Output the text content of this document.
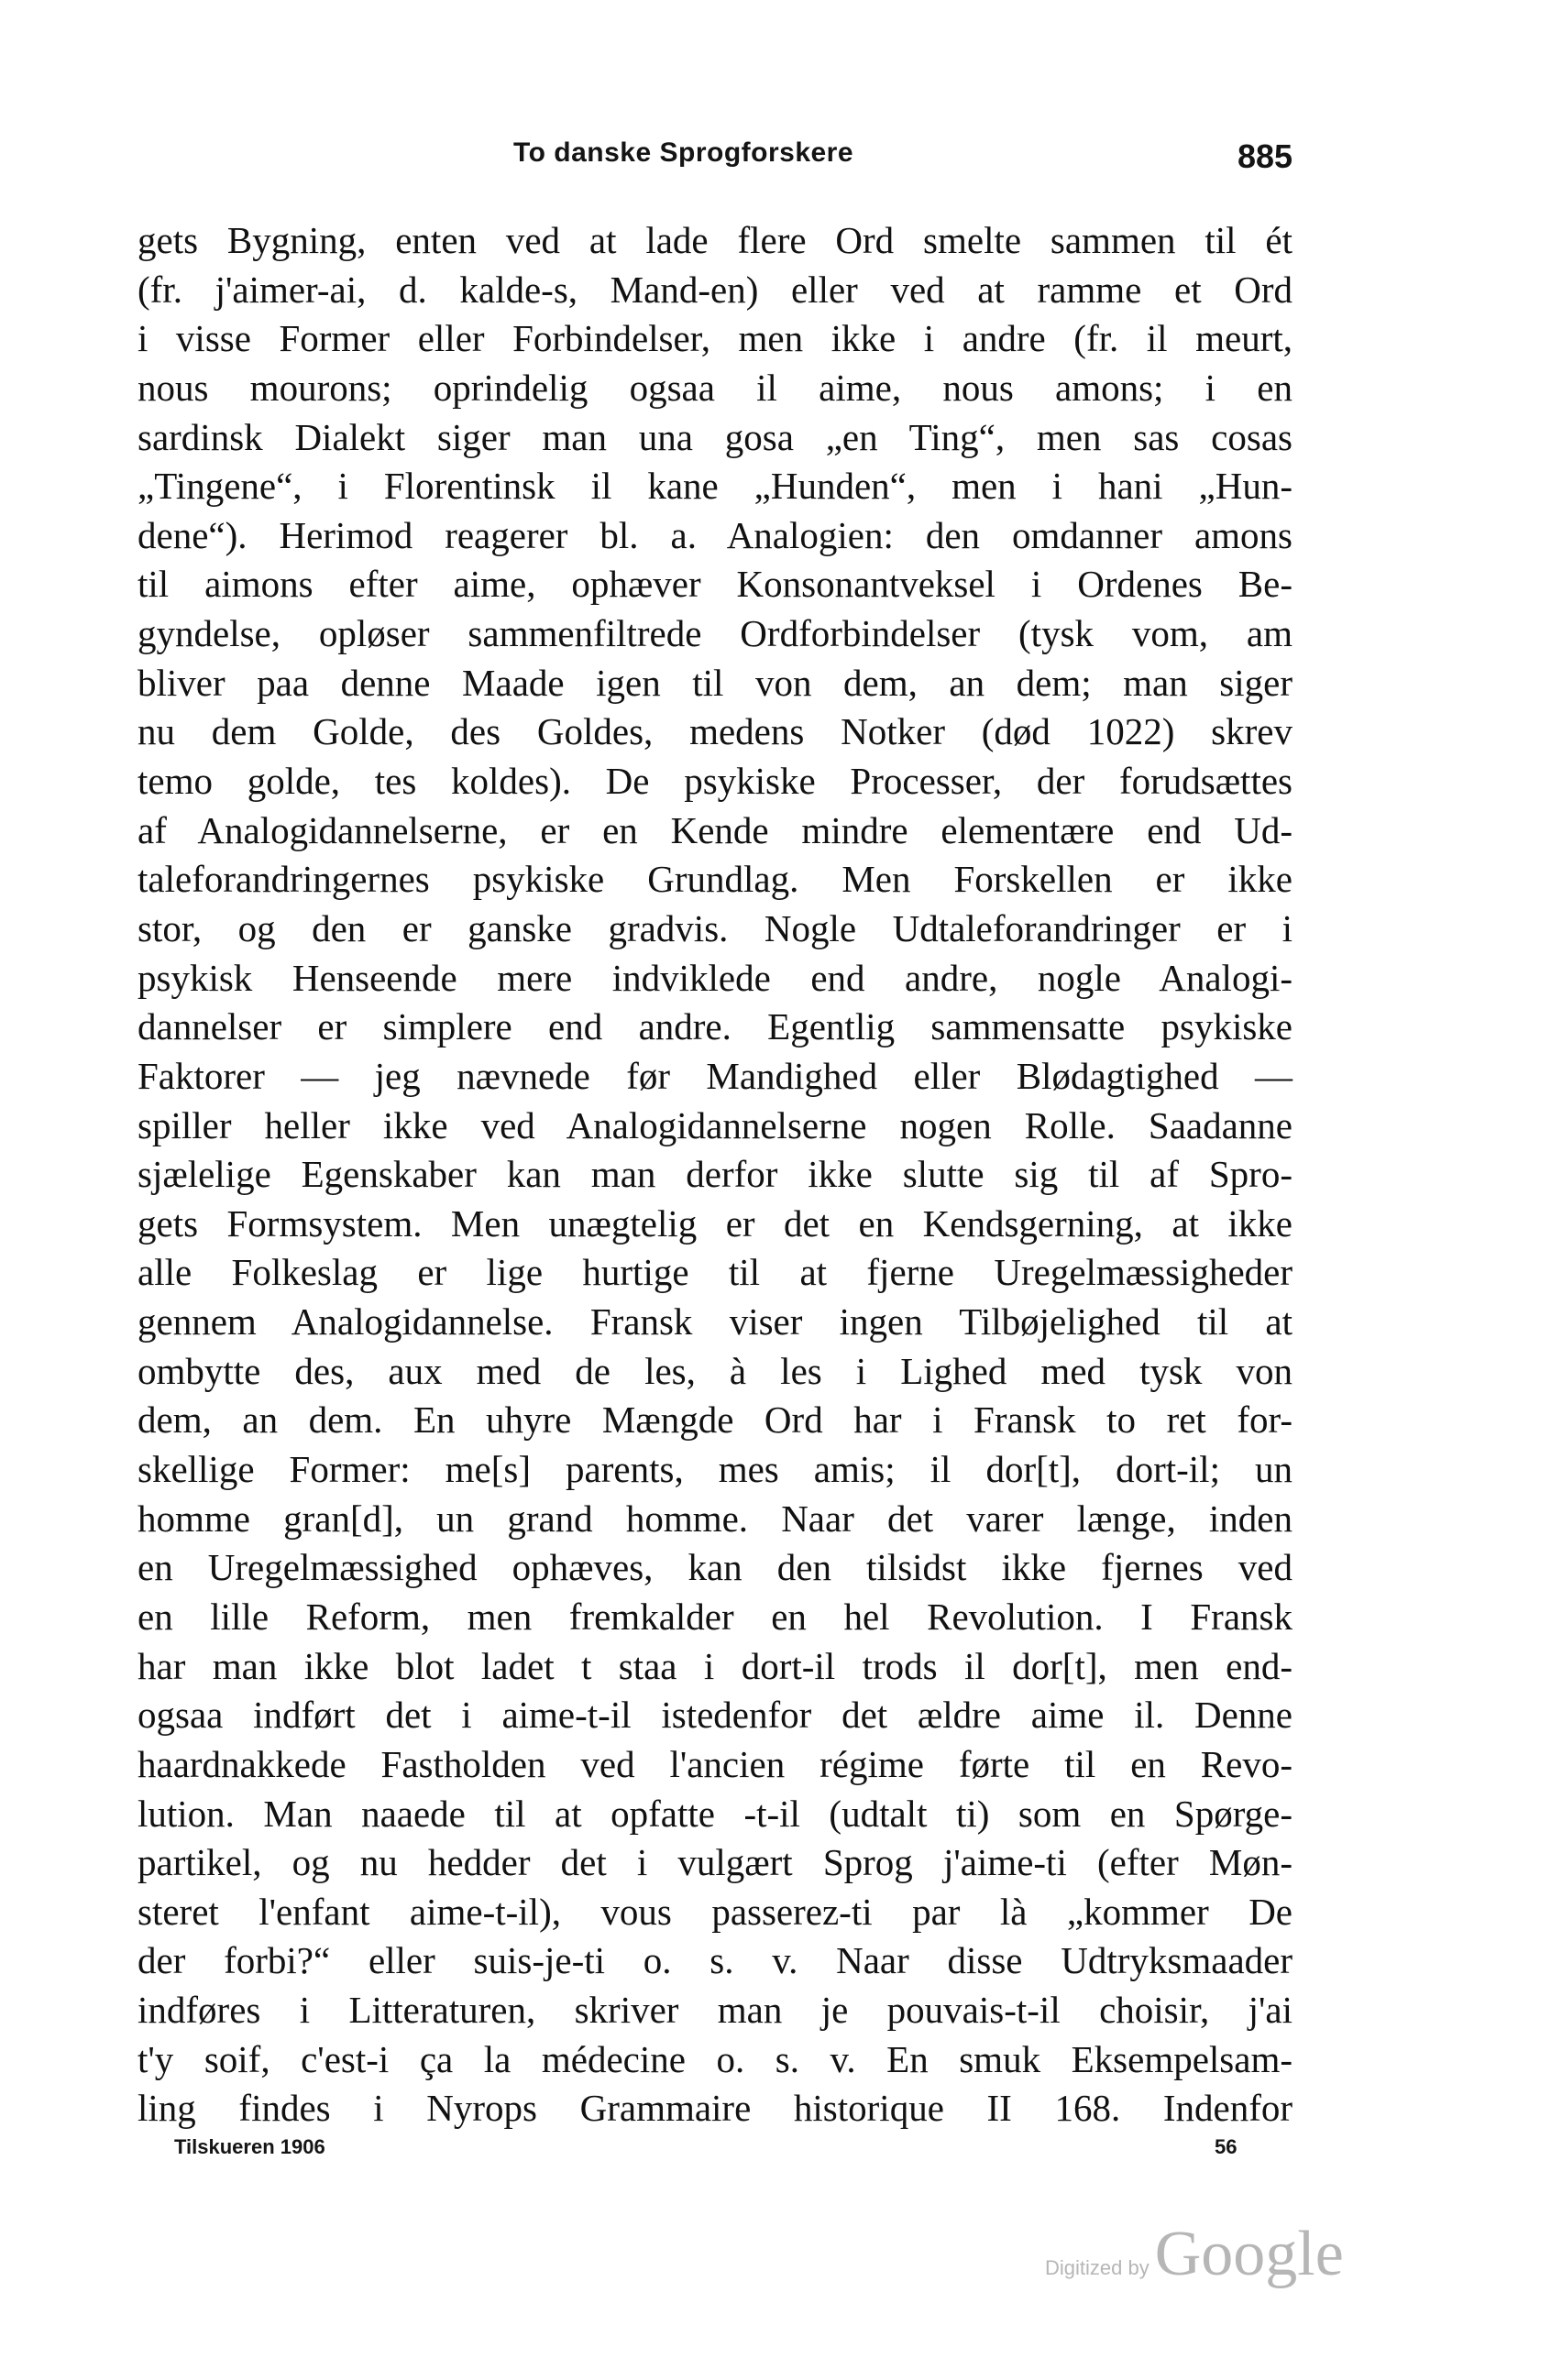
To danske Sprogforskere	885
gets Bygning, enten ved at lade flere Ord smelte sammen til ét
(fr. j'aimer-ai, d. kalde-s, Mand-en) eller ved at ramme et Ord
i visse Former eller Forbindelser, men ikke i andre (fr. il meurt,
nous mourons; oprindelig ogsaa il aime, nous amons; i en
sardinsk Dialekt siger man una gosa „en Ting“, men sas cosas
„Tingene“, i Florentinsk il kane „Hunden“, men i hani „Hun-
dene“). Herimod reagerer bl. a. Analogien: den omdanner amons
til aimons efter aime, ophæver Konsonantveksel i Ordenes Be-
gyndelse, opløser sammenfiltrede Ordforbindelser (tysk vom, am
bliver paa denne Maade igen til von dem, an dem; man siger
nu dem Golde, des Goldes, medens Notker (død 1022) skrev
temo golde, tes koldes). De psykiske Processer, der forudsættes
af Analogidannelserne, er en Kende mindre elementære end Ud-
taleforandringernes psykiske Grundlag. Men Forskellen er ikke
stor, og den er ganske gradvis. Nogle Udtaleforandringer er i
psykisk Henseende mere indviklede end andre, nogle Analogi-
dannelser er simplere end andre. Egentlig sammensatte psykiske
Faktorer — jeg nævnede før Mandighed eller Blødagtighed —
spiller heller ikke ved Analogidannelserne nogen Rolle. Saadanne
sjælelige Egenskaber kan man derfor ikke slutte sig til af Spro-
gets Formsystem. Men unægtelig er det en Kendsgerning, at ikke
alle Folkeslag er lige hurtige til at fjerne Uregelmæssigheder
gennem Analogidannelse. Fransk viser ingen Tilbøjelighed til at
ombytte des, aux med de les, à les i Lighed med tysk von
dem, an dem. En uhyre Mængde Ord har i Fransk to ret for-
skellige Former: me[s] parents, mes amis; il dor[t], dort-il; un
homme gran[d], un grand homme. Naar det varer længe, inden
en Uregelmæssighed ophæves, kan den tilsidst ikke fjernes ved
en lille Reform, men fremkalder en hel Revolution. I Fransk
har man ikke blot ladet t staa i dort-il trods il dor[t], men end-
ogsaa indført det i aime-t-il istedenfor det ældre aime il. Denne
haardnakkede Fastholden ved l'ancien régime førte til en Revo-
lution. Man naaede til at opfatte -t-il (udtalt ti) som en Spørge-
partikel, og nu hedder det i vulgært Sprog j'aime-ti (efter Møn-
steret l'enfant aime-t-il), vous passerez-ti par là „kommer De
der forbi?“ eller suis-je-ti o. s. v. Naar disse Udtryksmaader
indføres i Litteraturen, skriver man je pouvais-t-il choisir, j'ai
t'y soif, c'est-i ça la médecine o. s. v. En smuk Eksempelsam-
ling findes i Nyrops Grammaire historique II 168. Indenfor
Tilskueren 1906	56
Digitized byGoogle
